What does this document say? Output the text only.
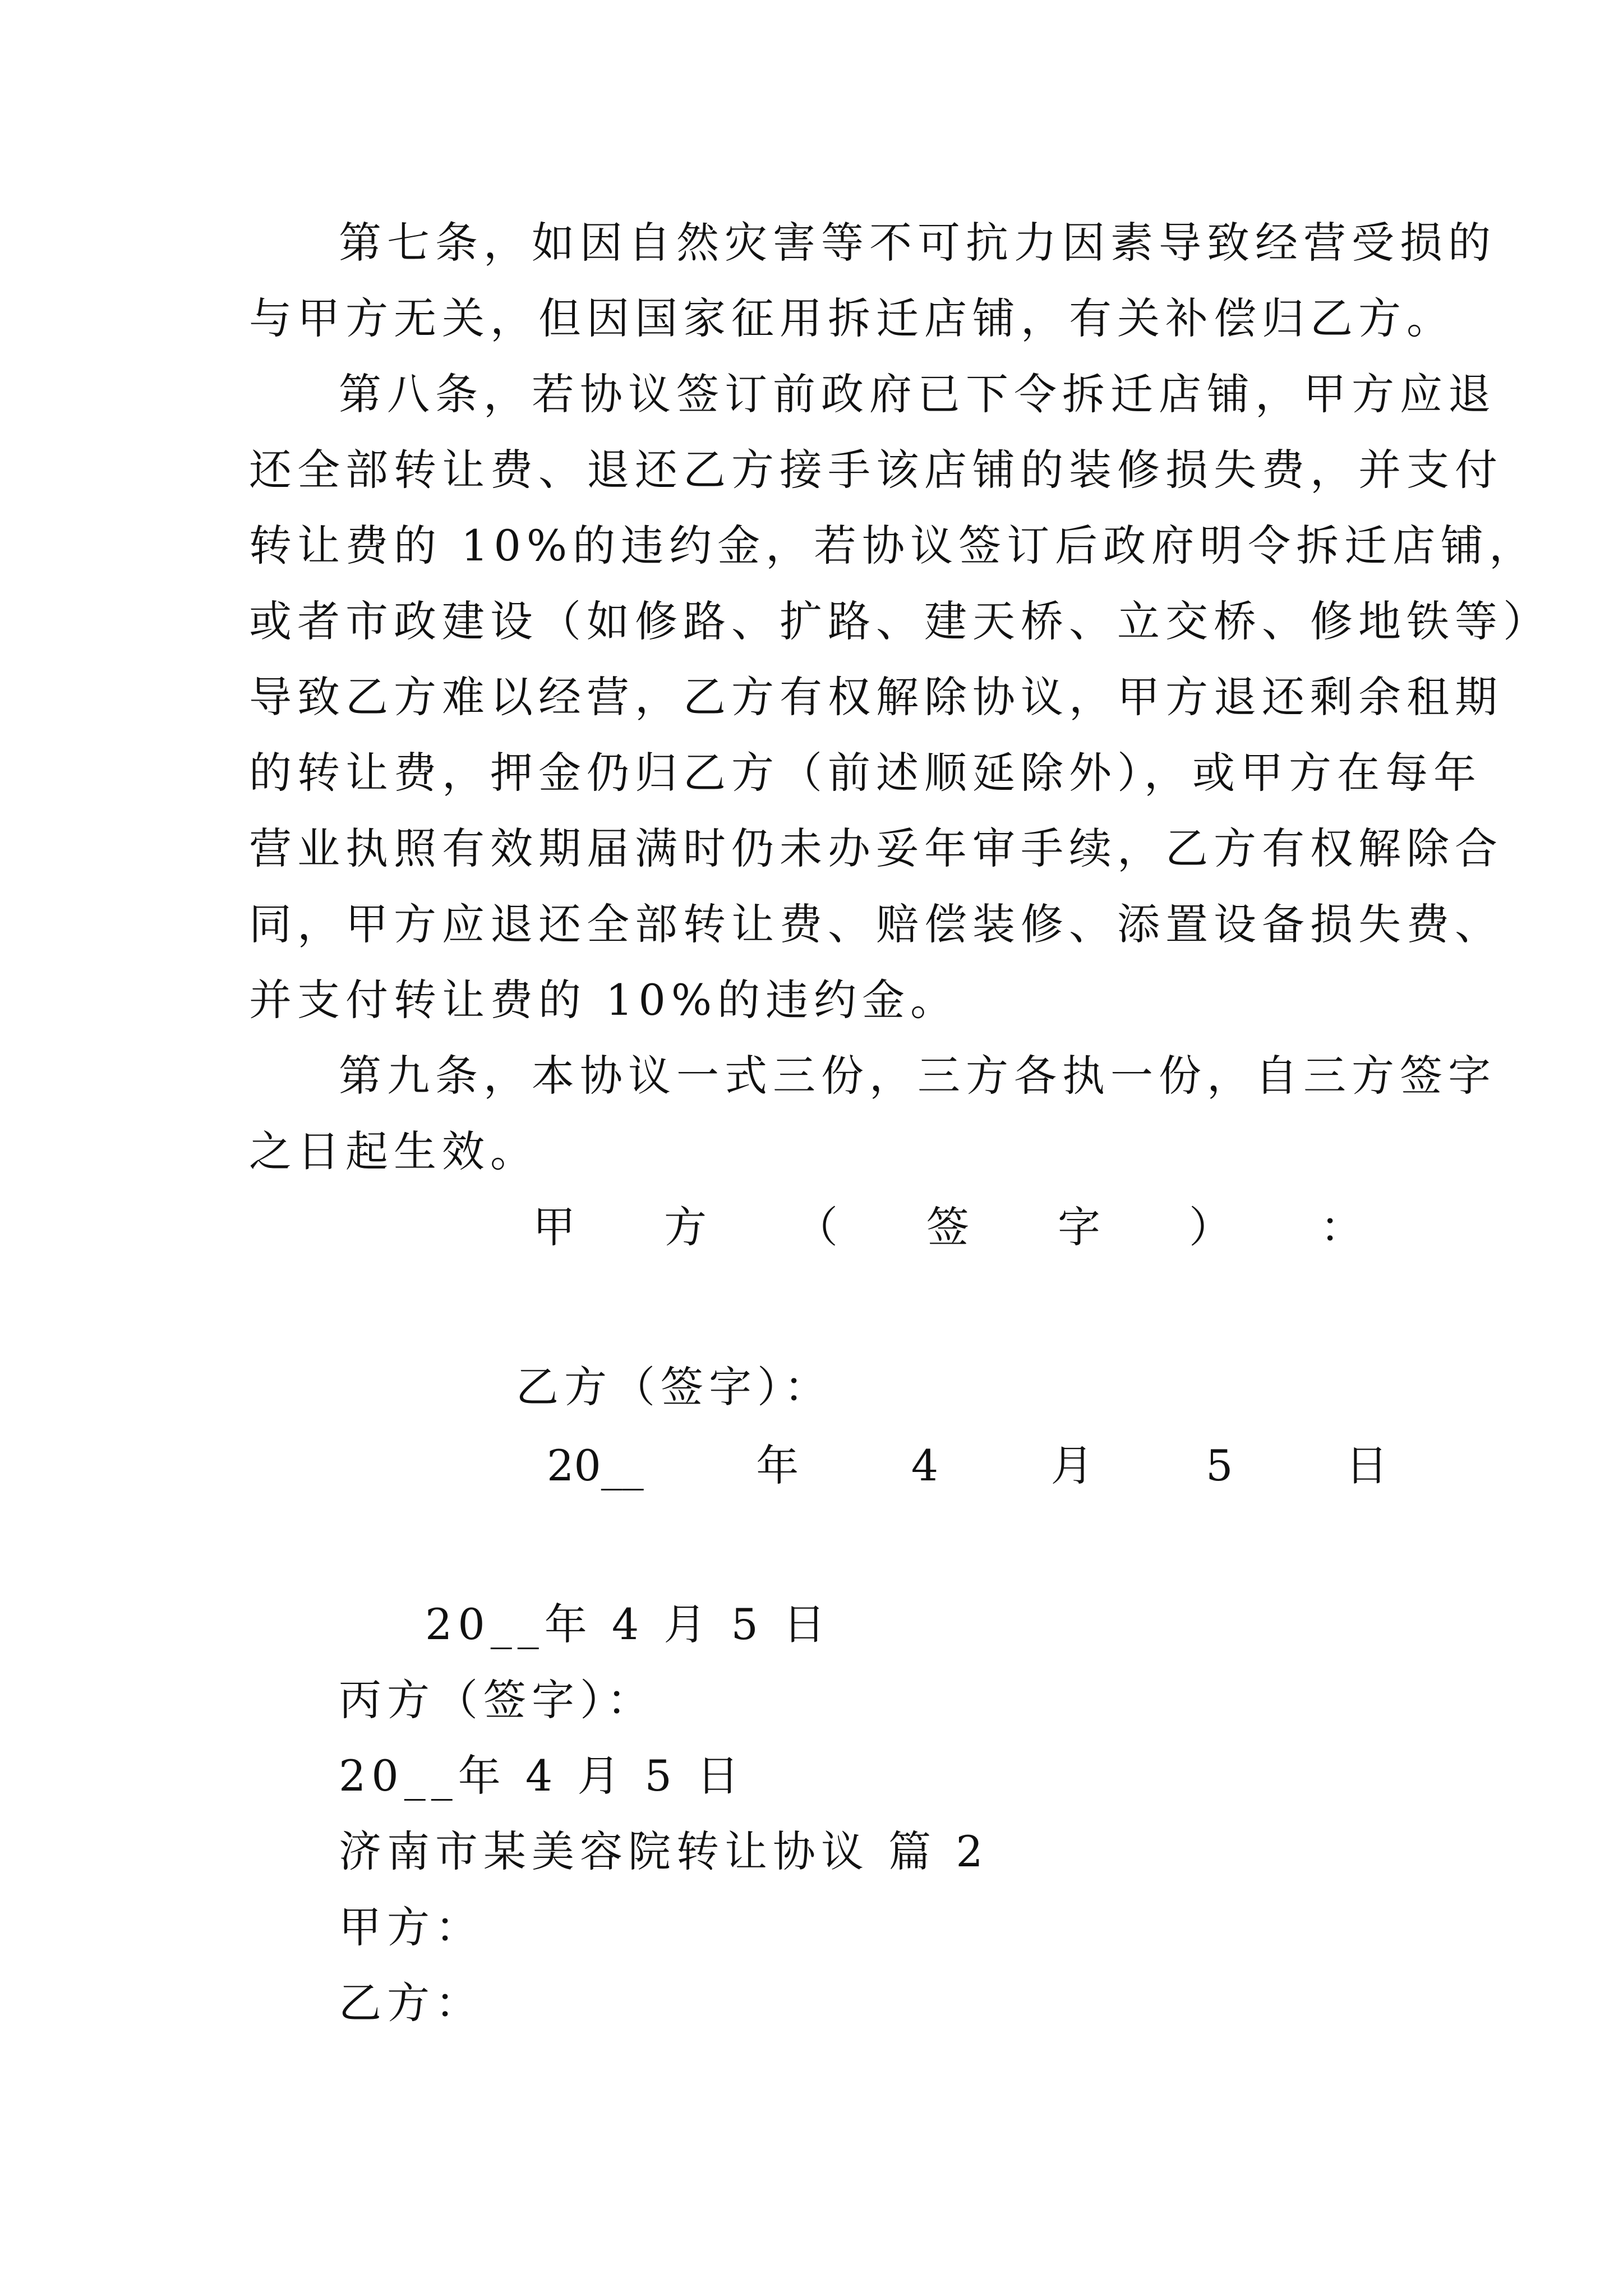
第七条，如因自然灾害等不可抗力因素导致经营受损的
与甲方无关，但因国家征用拆迁店铺，有关补偿归乙方。
第八条，若协议签订前政府已下令拆迁店铺，甲方应退
还全部转让费、退还乙方接手该店铺的装修损失费，并支付
转让费的 10%的违约金，若协议签订后政府明令拆迁店铺，
或者市政建设（如修路、扩路、建天桥、立交桥、修地铁等）
导致乙方难以经营，乙方有权解除协议，甲方退还剩余租期
的转让费，押金仍归乙方（前述顺延除外），或甲方在每年
营业执照有效期届满时仍未办妥年审手续，乙方有权解除合
同，甲方应退还全部转让费、赔偿装修、添置设备损失费、
并支付转让费的 10%的违约金。
第九条，本协议一式三份，三方各执一份，自三方签字
之日起生效。
甲 方 （ 签 字 ） ：
乙方（签字）：
20__	年	4	月	5	日
20__年 4 月 5 日
丙方（签字）：
20__年 4 月 5 日
济南市某美容院转让协议 篇 2
甲方：
乙方：
